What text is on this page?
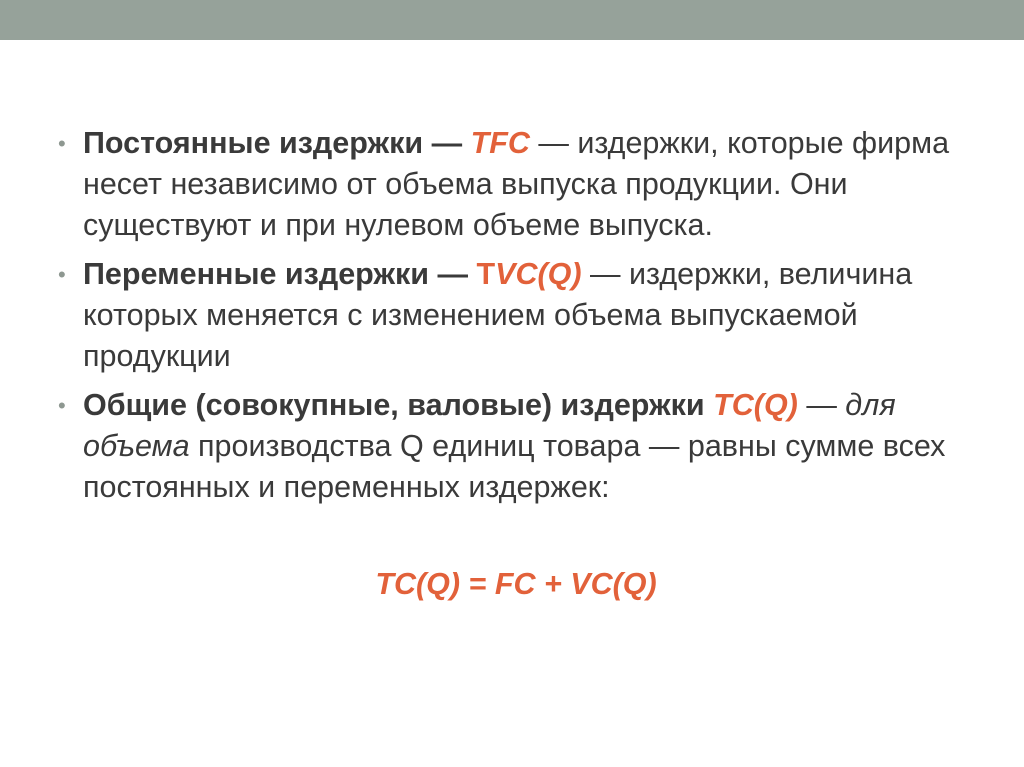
• Постоянные издержки — TFC — издержки, которые фирма несет независимо от объема выпуска продукции. Они существуют и при нулевом объеме выпуска.
• Переменные издержки — TVC(Q) — издержки, величина которых меняется с изменением объема выпускаемой продукции
• Общие (совокупные, валовые) издержки TC(Q) — для объема производства Q единиц товара — равны сумме всех постоянных и переменных издержек:
TC(Q) = FC + VC(Q)
